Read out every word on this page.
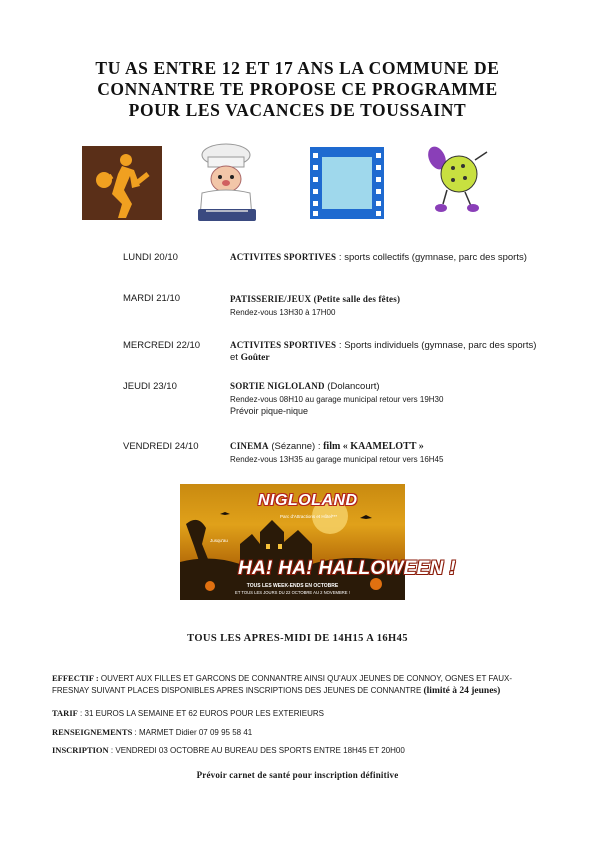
TU AS ENTRE 12 ET 17 ANS LA COMMUNE DE
CONNANTRE TE PROPOSE CE PROGRAMME
POUR LES VACANCES DE TOUSSAINT
LUNDI 20/10	ACTIVITES SPORTIVES : sports collectifs (gymnase, parc des sports)
MARDI 21/10	PATISSERIE/JEUX (Petite salle des fêtes)
Rendez-vous 13H30 à 17H00
MERCREDI 22/10	ACTIVITES SPORTIVES : Sports individuels (gymnase, parc des sports) et Goûter
JEUDI 23/10	SORTIE NIGLOLAND (Dolancourt)
Rendez-vous 08H10 au garage municipal retour vers 19H30
Prévoir pique-nique
VENDREDI 24/10	CINEMA (Sézanne) : film « KAAMELOTT »
Rendez-vous 13H35 au garage municipal retour vers 16H45
NIGLOLAND
Parc d'Attractions et Hôtel***
Jusqu'au
HA! HA! HALLOWEEN !
TOUS LES WEEK-ENDS EN OCTOBRE
ET TOUS LES JOURS DU 22 OCTOBRE AU 2 NOVEMBRE !
TOUS LES APRES-MIDI DE 14H15 A 16H45
EFFECTIF : OUVERT AUX FILLES ET GARCONS DE CONNANTRE AINSI QU'AUX JEUNES DE CONNOY, OGNES ET FAUX-FRESNAY SUIVANT PLACES DISPONIBLES APRES INSCRIPTIONS DES JEUNES DE CONNANTRE (limité à 24 jeunes)
TARIF : 31 EUROS LA SEMAINE ET 62 EUROS POUR LES EXTERIEURS
RENSEIGNEMENTS : MARMET Didier 07 09 95 58 41
INSCRIPTION : VENDREDI 03 OCTOBRE AU BUREAU DES SPORTS ENTRE 18H45 ET 20H00
Prévoir carnet de santé pour inscription définitive
